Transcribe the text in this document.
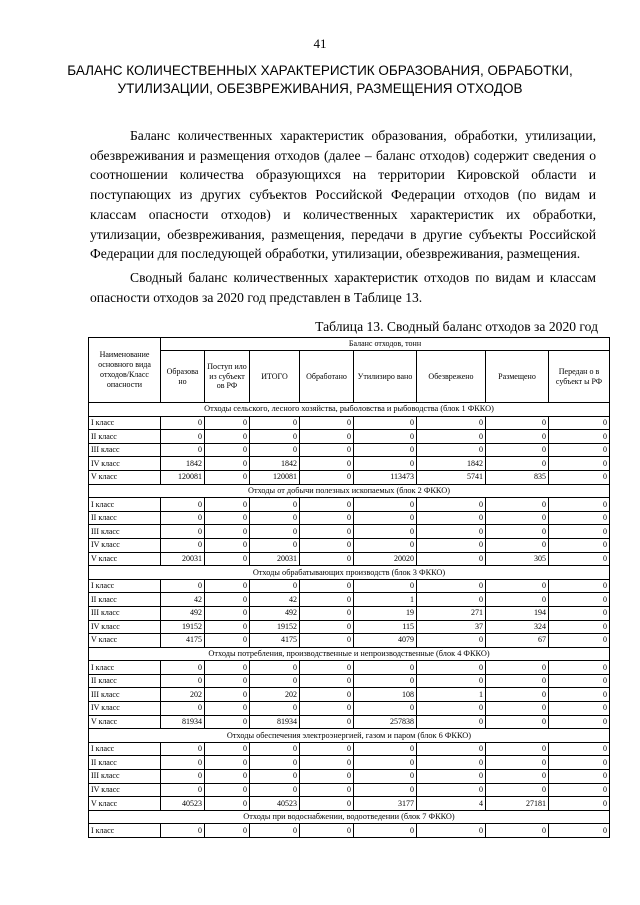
41
БАЛАНС КОЛИЧЕСТВЕННЫХ ХАРАКТЕРИСТИК ОБРАЗОВАНИЯ, ОБРАБОТКИ, УТИЛИЗАЦИИ, ОБЕЗВРЕЖИВАНИЯ, РАЗМЕЩЕНИЯ ОТХОДОВ
Баланс количественных характеристик образования, обработки, утилизации, обезвреживания и размещения отходов (далее – баланс отходов) содержит сведения о соотношении количества образующихся на территории Кировской области и поступающих из других субъектов Российской Федерации отходов (по видам и классам опасности отходов) и количественных характеристик их обработки, утилизации, обезвреживания, размещения, передачи в другие субъекты Российской Федерации для последующей обработки, утилизации, обезвреживания, размещения.
Сводный баланс количественных характеристик отходов по видам и классам опасности отходов за 2020 год представлен в Таблице 13.
Таблица 13. Сводный баланс отходов за 2020 год
Наименование основного вида отходов/Класс опасности	Баланс отходов, тонн							
	Образова но	Поступ ило из субъект ов РФ	ИТОГО	Обработано	Утилизиро вано	Обезврежено	Размещено	Передан о в субъект ы РФ
Отходы сельского, лесного хозяйства, рыболовства и рыбоводства (блок 1 ФККО)								
I класс	0	0	0	0	0	0	0	0
II класс	0	0	0	0	0	0	0	0
III класс	0	0	0	0	0	0	0	0
IV класс	1842	0	1842	0	0	1842	0	0
V класс	120081	0	120081	0	113473	5741	835	0
Отходы от добычи полезных ископаемых (блок 2 ФККО)								
I класс	0	0	0	0	0	0	0	0
II класс	0	0	0	0	0	0	0	0
III класс	0	0	0	0	0	0	0	0
IV класс	0	0	0	0	0	0	0	0
V класс	20031	0	20031	0	20020	0	305	0
Отходы обрабатывающих производств (блок 3 ФККО)								
I класс	0	0	0	0	0	0	0	0
II класс	42	0	42	0	1	0	0	0
III класс	492	0	492	0	19	271	194	0
IV класс	19152	0	19152	0	115	37	324	0
V класс	4175	0	4175	0	4079	0	67	0
Отходы потребления, производственные и непроизводственные (блок 4 ФККО)								
I класс	0	0	0	0	0	0	0	0
II класс	0	0	0	0	0	0	0	0
III класс	202	0	202	0	108	1	0	0
IV класс	0	0	0	0	0	0	0	0
V класс	81934	0	81934	0	257838	0	0	0
Отходы обеспечения электроэнергией, газом и паром (блок 6 ФККО)								
I класс	0	0	0	0	0	0	0	0
II класс	0	0	0	0	0	0	0	0
III класс	0	0	0	0	0	0	0	0
IV класс	0	0	0	0	0	0	0	0
V класс	40523	0	40523	0	3177	4	27181	0
Отходы при водоснабжении, водоотведении (блок 7 ФККО)								
I класс	0	0	0	0	0	0	0	0
